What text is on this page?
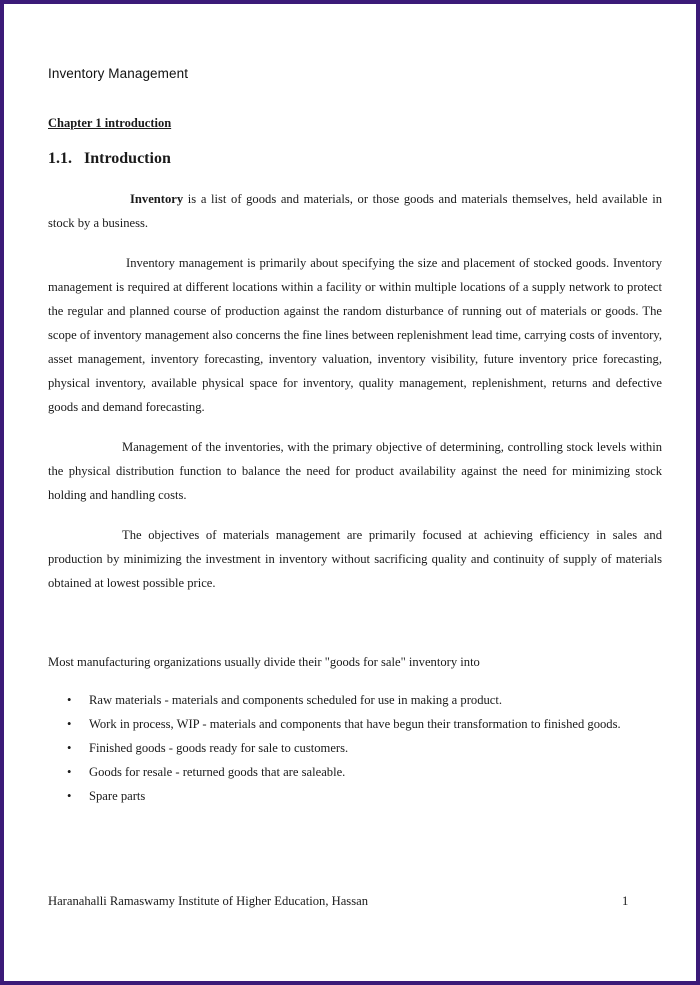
Inventory Management
Chapter 1 introduction
1.1. Introduction

Inventory is a list of goods and materials, or those goods and materials themselves, held available in stock by a business.

Inventory management is primarily about specifying the size and placement of stocked goods. Inventory management is required at different locations within a facility or within multiple locations of a supply network to protect the regular and planned course of production against the random disturbance of running out of materials or goods. The scope of inventory management also concerns the fine lines between replenishment lead time, carrying costs of inventory, asset management, inventory forecasting, inventory valuation, inventory visibility, future inventory price forecasting, physical inventory, available physical space for inventory, quality management, replenishment, returns and defective goods and demand forecasting.

Management of the inventories, with the primary objective of determining, controlling stock levels within the physical distribution function to balance the need for product availability against the need for minimizing stock holding and handling costs.

The objectives of materials management are primarily focused at achieving efficiency in sales and production by minimizing the investment in inventory without sacrificing quality and continuity of supply of materials obtained at lowest possible price.

Most manufacturing organizations usually divide their "goods for sale" inventory into

• Raw materials - materials and components scheduled for use in making a product.
• Work in process, WIP - materials and components that have begun their transformation to finished goods.
• Finished goods - goods ready for sale to customers.
• Goods for resale - returned goods that are saleable.
• Spare parts
Haranahalli Ramaswamy Institute of Higher Education, Hassan	1
